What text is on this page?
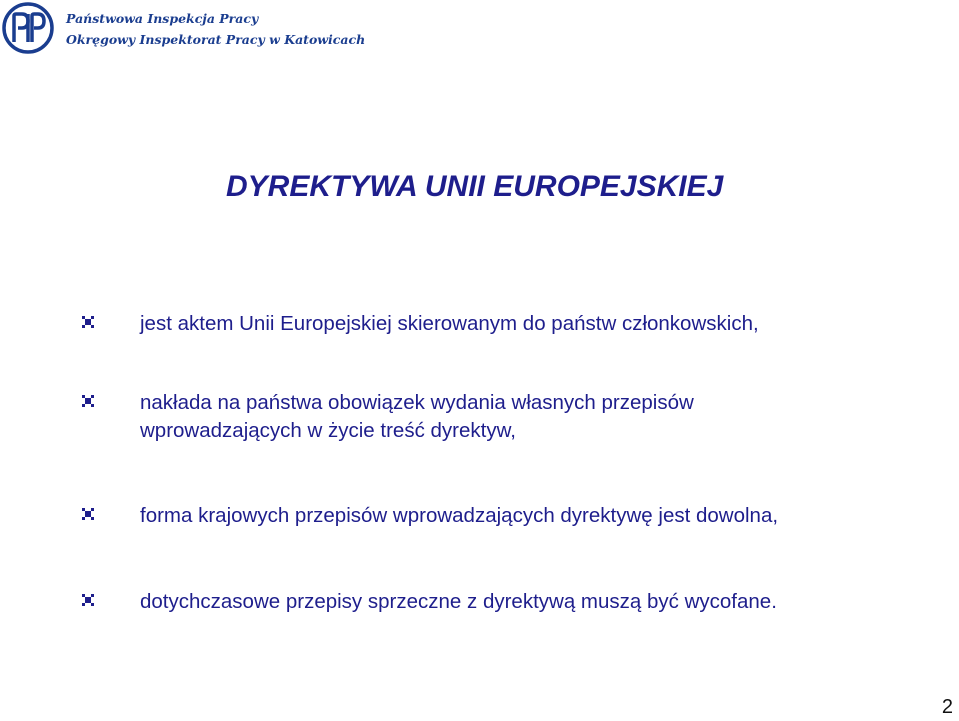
Państwowa Inspekcja Pracy
Okręgowy Inspektorat Pracy w Katowicach
DYREKTYWA UNII EUROPEJSKIEJ
jest aktem Unii Europejskiej skierowanym do państw członkowskich,
nakłada na państwa obowiązek wydania własnych przepisów
wprowadzających w życie treść dyrektyw,
forma krajowych przepisów wprowadzających dyrektywę jest dowolna,
dotychczasowe przepisy sprzeczne z dyrektywą muszą być wycofane.
2
